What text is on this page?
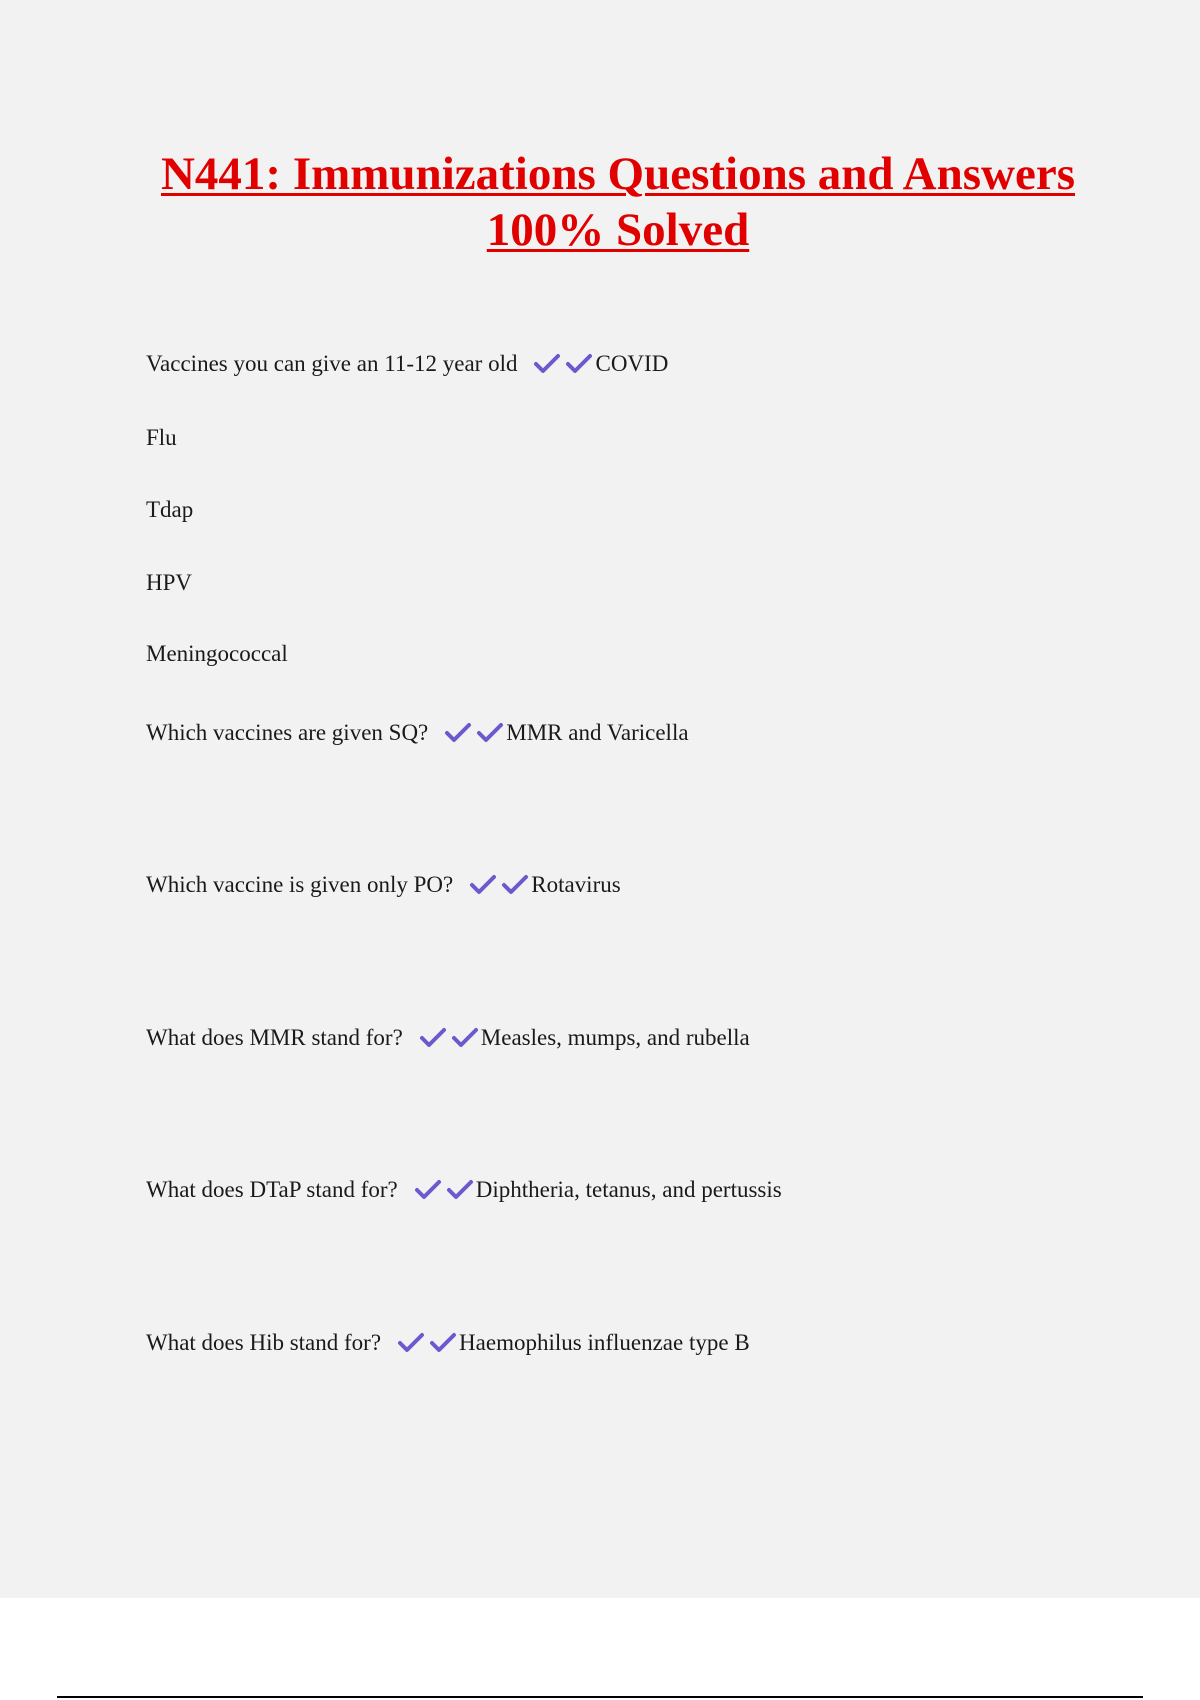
N441: Immunizations Questions and Answers
100% Solved
Vaccines you can give an 11-12 year old	COVID
Flu
Tdap
HPV
Meningococcal
Which vaccines are given SQ?	MMR and Varicella
Which vaccine is given only PO?	Rotavirus
What does MMR stand for?	Measles, mumps, and rubella
What does DTaP stand for?	Diphtheria, tetanus, and pertussis
What does Hib stand for?	Haemophilus influenzae type B
